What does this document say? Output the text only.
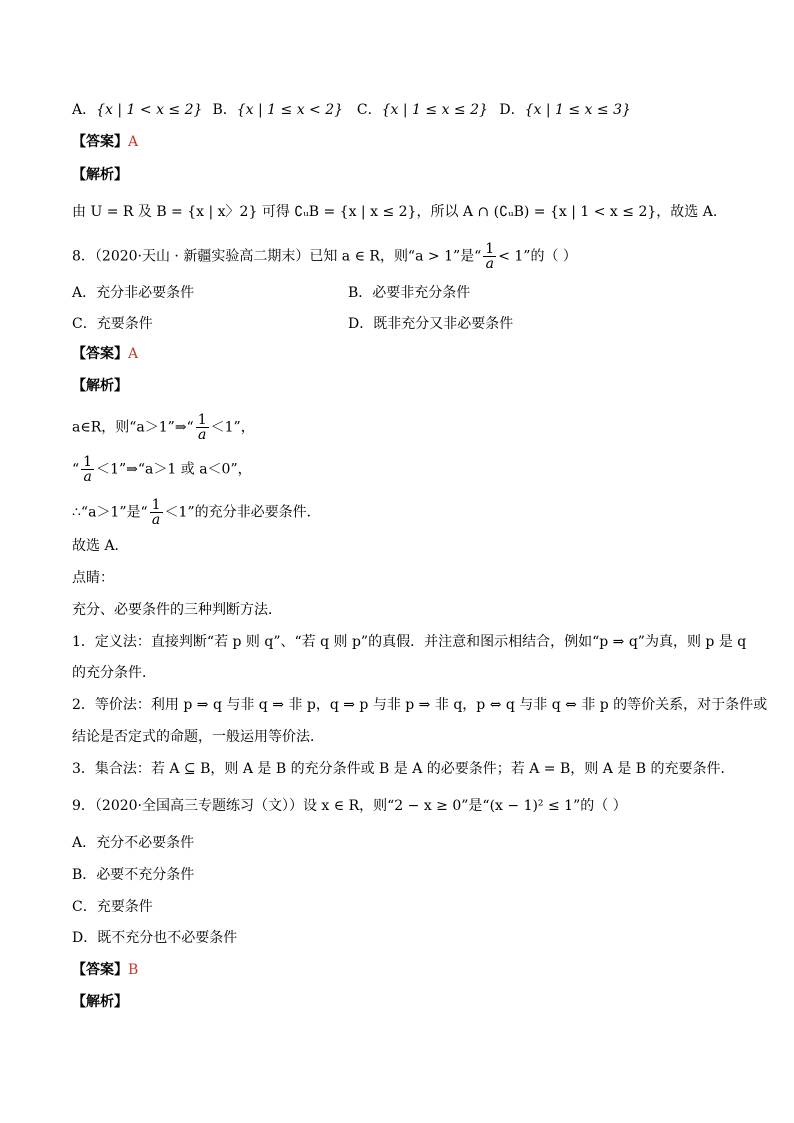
A．{x | 1 < x ≤ 2} B．{x | 1 ≤ x < 2} C．{x | 1 ≤ x ≤ 2} D．{x | 1 ≤ x ≤ 3}
【答案】A
【解析】
由 U = R 及 B = {x | x〉2} 可得 ∁ᵤB = {x | x ≤ 2}，所以 A ∩ (∁ᵤB) = {x | 1 < x ≤ 2}，故选 A.
8．（2020·天山 · 新疆实验高二期末）已知 a ∈ R，则“a > 1”是“ $\frac{1}{a} < 1$”的（ ）
A．充分非必要条件	B．必要非充分条件
C．充要条件	D．既非充分又非必要条件
【答案】A
【解析】
a∈R，则“a＞1”⇒“ $\frac{1}{a} <1$”，
“ $\frac{1}{a}$ ＜1”⇒“a＞1 或 a＜0”，
∴“a＞1”是“ $\frac{1}{a} <1$”的充分非必要条件．
故选 A．
点睛：
充分、必要条件的三种判断方法．
1．定义法：直接判断“若 p 则 q”、“若 q 则 p”的真假．并注意和图示相结合，例如“p ⇒ q”为真，则 p 是 q
的充分条件．
2．等价法：利用 p ⇒ q 与非 q ⇒ 非 p，q ⇒ p 与非 p ⇒ 非 q，p ⇔ q 与非 q ⇔ 非 p 的等价关系，对于条件或
结论是否定式的命题，一般运用等价法．
3．集合法：若 A ⊆ B，则 A 是 B 的充分条件或 B 是 A 的必要条件；若 A = B，则 A 是 B 的充要条件．
9．（2020·全国高三专题练习（文））设 x ∈ R，则“2 − x ≥ 0”是“(x − 1)² ≤ 1”的（ ）
A．充分不必要条件
B．必要不充分条件
C．充要条件
D．既不充分也不必要条件
【答案】B
【解析】
